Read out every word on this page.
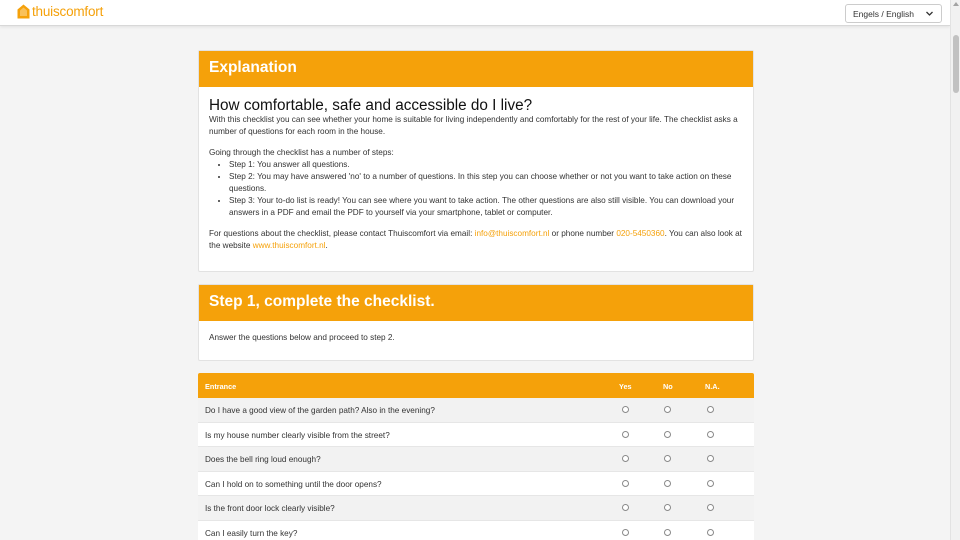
thuiscomfort	Engels / English
Explanation
How comfortable, safe and accessible do I live?

With this checklist you can see whether your home is suitable for living independently and comfortably for the rest of your life. The checklist asks a number of questions for each room in the house.

Going through the checklist has a number of steps:

• Step 1: You answer all questions.
• Step 2: You may have answered 'no' to a number of questions. In this step you can choose whether or not you want to take action on these questions.
• Step 3: Your to-do list is ready! You can see where you want to take action. The other questions are also still visible. You can download your answers in a PDF and email the PDF to yourself via your smartphone, tablet or computer.

For questions about the checklist, please contact Thuiscomfort via email: info@thuiscomfort.nl or phone number 020-5450360. You can also look at the website www.thuiscomfort.nl.

Step 1, complete the checklist.

Answer the questions below and proceed to step 2.

Entrance	Yes	No	N.A.
Do I have a good view of the garden path? Also in the evening?
Is my house number clearly visible from the street?
Does the bell ring loud enough?
Can I hold on to something until the door opens?
Is the front door lock clearly visible?
Can I easily turn the key?
